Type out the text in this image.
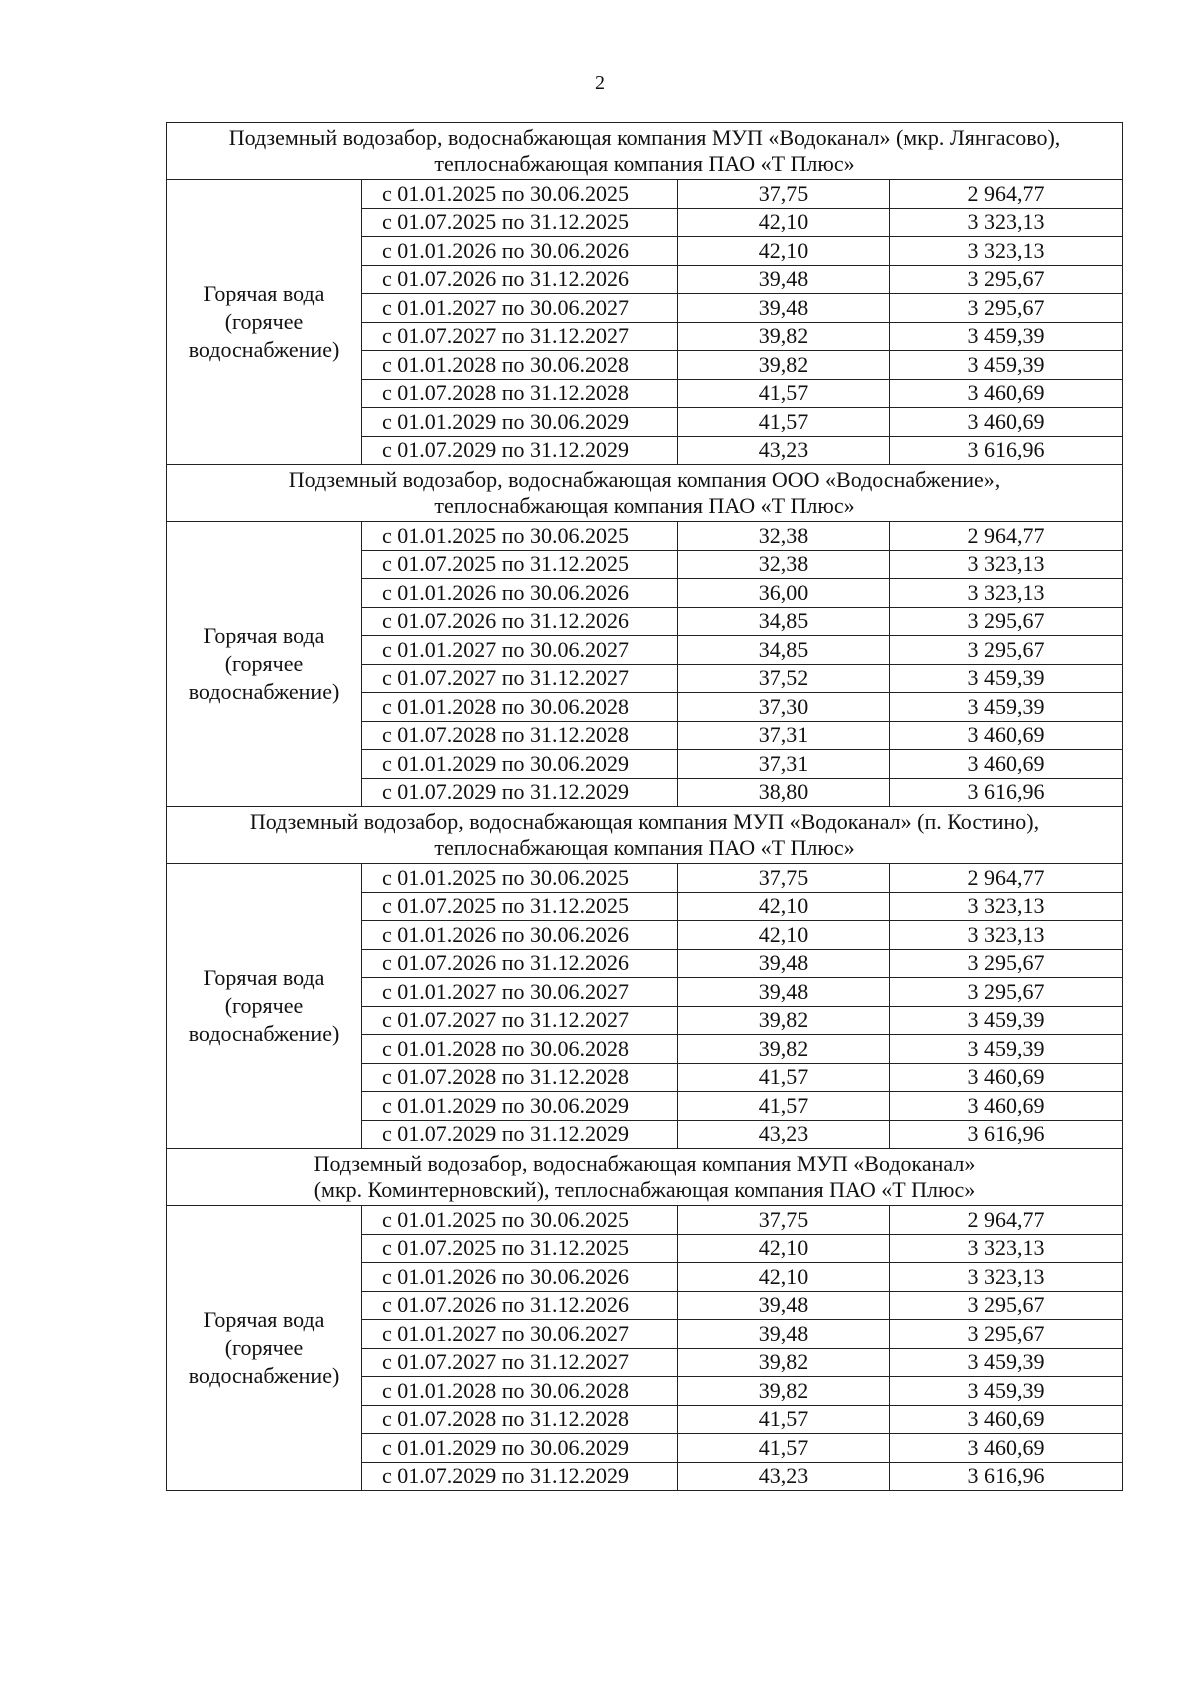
2
Подземный водозабор, водоснабжающая компания МУП «Водоканал» (мкр. Лянгасово),
теплоснабжающая компания ПАО «Т Плюс»			

Горячая вода
(горячее
водоснабжение)	с 01.01.2025 по 30.06.2025	37,75	2 964,77
	с 01.07.2025 по 31.12.2025	42,10	3 323,13
	с 01.01.2026 по 30.06.2026	42,10	3 323,13
	с 01.07.2026 по 31.12.2026	39,48	3 295,67
	с 01.01.2027 по 30.06.2027	39,48	3 295,67
	с 01.07.2027 по 31.12.2027	39,82	3 459,39
	с 01.01.2028 по 30.06.2028	39,82	3 459,39
	с 01.07.2028 по 31.12.2028	41,57	3 460,69
	с 01.01.2029 по 30.06.2029	41,57	3 460,69
	с 01.07.2029 по 31.12.2029	43,23	3 616,96

Подземный водозабор, водоснабжающая компания ООО «Водоснабжение»,
теплоснабжающая компания ПАО «Т Плюс»			

Горячая вода
(горячее
водоснабжение)	с 01.01.2025 по 30.06.2025	32,38	2 964,77
	с 01.07.2025 по 31.12.2025	32,38	3 323,13
	с 01.01.2026 по 30.06.2026	36,00	3 323,13
	с 01.07.2026 по 31.12.2026	34,85	3 295,67
	с 01.01.2027 по 30.06.2027	34,85	3 295,67
	с 01.07.2027 по 31.12.2027	37,52	3 459,39
	с 01.01.2028 по 30.06.2028	37,30	3 459,39
	с 01.07.2028 по 31.12.2028	37,31	3 460,69
	с 01.01.2029 по 30.06.2029	37,31	3 460,69
	с 01.07.2029 по 31.12.2029	38,80	3 616,96

Подземный водозабор, водоснабжающая компания МУП «Водоканал» (п. Костино),
теплоснабжающая компания ПАО «Т Плюс»			

Горячая вода
(горячее
водоснабжение)	с 01.01.2025 по 30.06.2025	37,75	2 964,77
	с 01.07.2025 по 31.12.2025	42,10	3 323,13
	с 01.01.2026 по 30.06.2026	42,10	3 323,13
	с 01.07.2026 по 31.12.2026	39,48	3 295,67
	с 01.01.2027 по 30.06.2027	39,48	3 295,67
	с 01.07.2027 по 31.12.2027	39,82	3 459,39
	с 01.01.2028 по 30.06.2028	39,82	3 459,39
	с 01.07.2028 по 31.12.2028	41,57	3 460,69
	с 01.01.2029 по 30.06.2029	41,57	3 460,69
	с 01.07.2029 по 31.12.2029	43,23	3 616,96

Подземный водозабор, водоснабжающая компания МУП «Водоканал»
(мкр. Коминтерновский), теплоснабжающая компания ПАО «Т Плюс»			

Горячая вода
(горячее
водоснабжение)	с 01.01.2025 по 30.06.2025	37,75	2 964,77
	с 01.07.2025 по 31.12.2025	42,10	3 323,13
	с 01.01.2026 по 30.06.2026	42,10	3 323,13
	с 01.07.2026 по 31.12.2026	39,48	3 295,67
	с 01.01.2027 по 30.06.2027	39,48	3 295,67
	с 01.07.2027 по 31.12.2027	39,82	3 459,39
	с 01.01.2028 по 30.06.2028	39,82	3 459,39
	с 01.07.2028 по 31.12.2028	41,57	3 460,69
	с 01.01.2029 по 30.06.2029	41,57	3 460,69
	с 01.07.2029 по 31.12.2029	43,23	3 616,96
